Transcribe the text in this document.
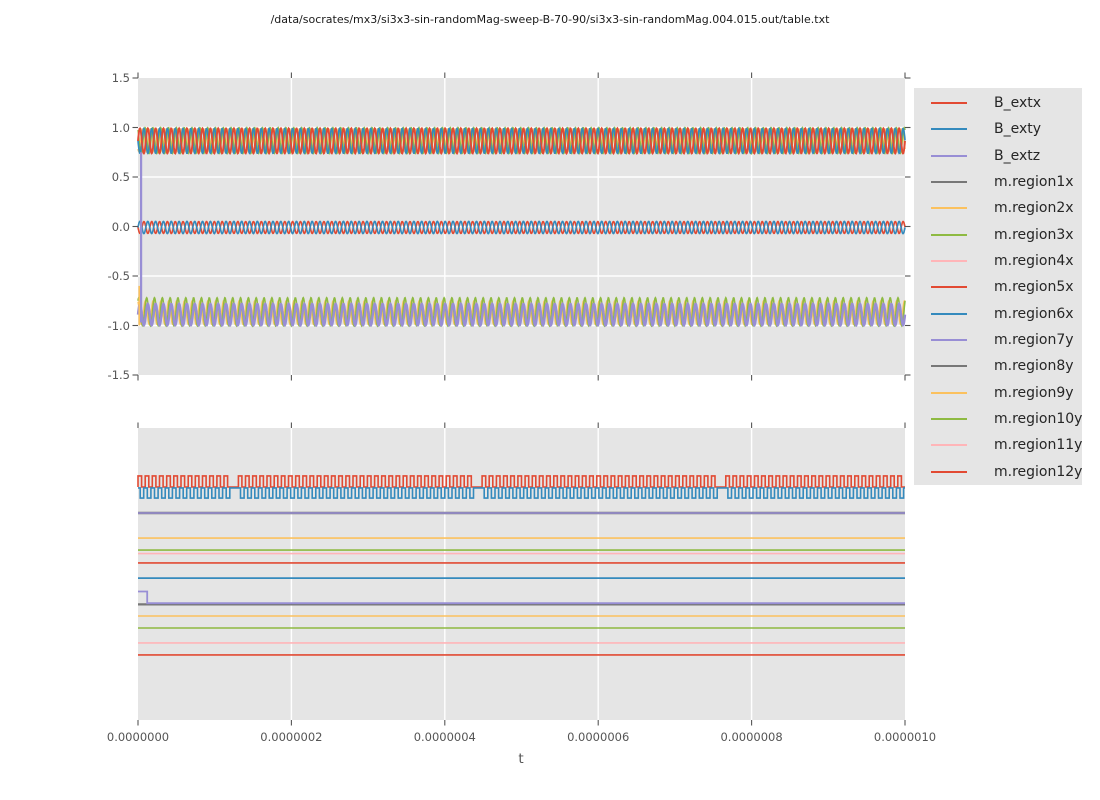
/data/socrates/mx3/si3x3-sin-randomMag-sweep-B-70-90/si3x3-sin-randomMag.004.015.out/table.txt
1.5
1.0
0.5
0.0
-0.5
-1.0
-1.5
0.0000000	0.0000002	0.0000004	0.0000006	0.0000008	0.0000010
t
B_extx
B_exty
B_extz
m.region1x
m.region2x
m.region3x
m.region4x
m.region5x
m.region6x
m.region7y
m.region8y
m.region9y
m.region10y
m.region11y
m.region12y
